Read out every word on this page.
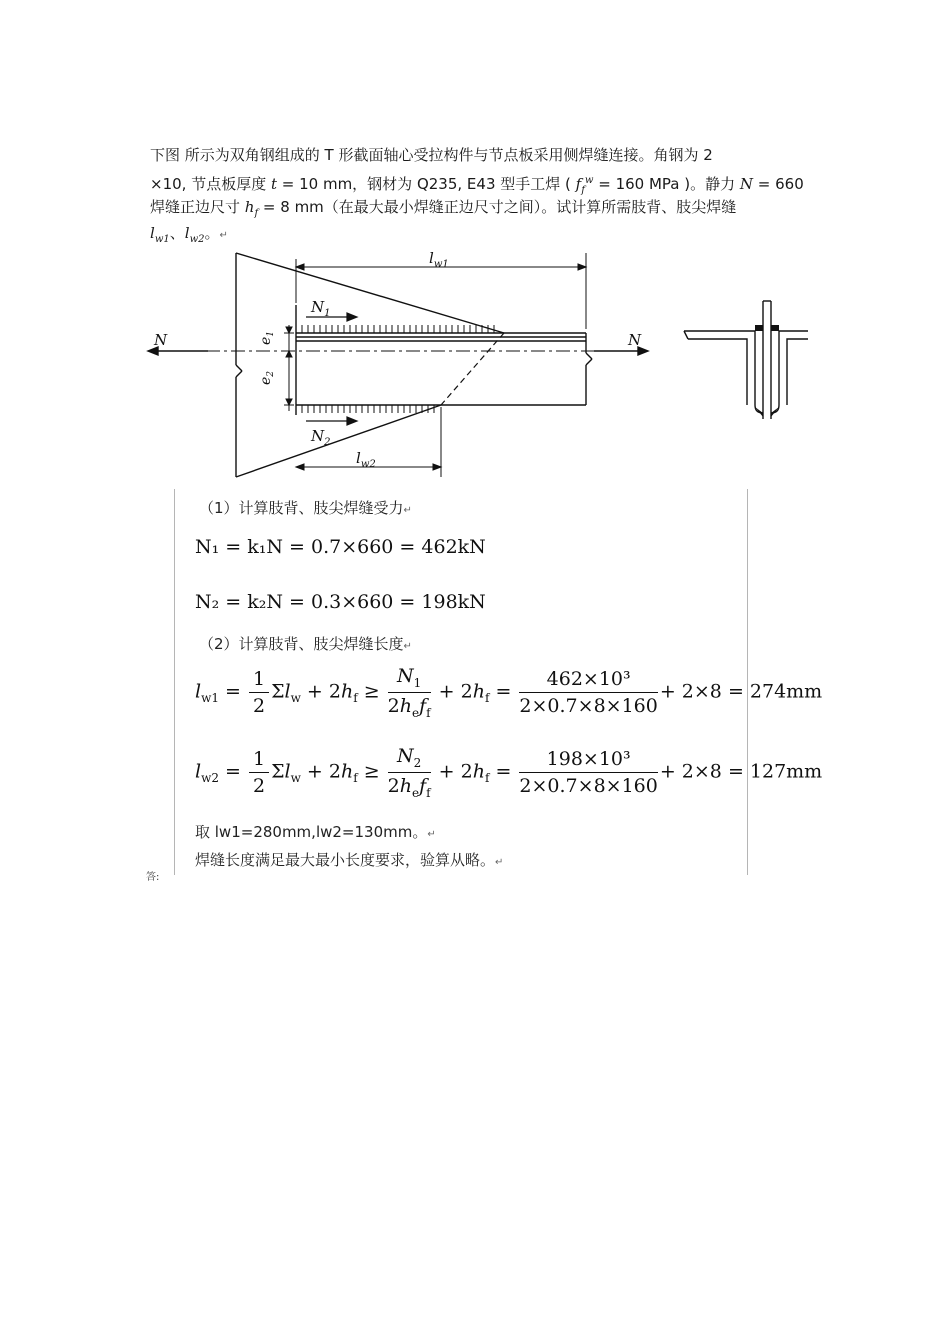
下图 所示为双角钢组成的 T 形截面轴心受拉构件与节点板采用侧焊缝连接。角钢为 2
×10, 节点板厚度 t = 10 mm，钢材为 Q235, E43 型手工焊 ( $f_f^w = 160$ MPa )。静力 N = 660
焊缝正边尺寸 $h_f = 8$ mm（在最大最小焊缝正边尺寸之间）。试计算所需肢背、肢尖焊缝
$l_{w1}$、$l_{w2}$。↵
$l_{w1}$
$l_{w2}$
$e_1$
$e_2$
$N_1$
$N_2$
N	N
（1）计算肢背、肢尖焊缝受力↵
N₁ = k₁N = 0.7×660 = 462kN
N₂ = k₂N = 0.3×660 = 198kN
（2）计算肢背、肢尖焊缝长度↵
$l_{w1} = \frac{1}{2} \Sigma l_w + 2h_f \ge \frac{N_1}{2h_ef_f} + 2h_f = \frac{\text{462×10³}}{2\times 0.7\times 8\times 160} + 2\times 8 = 274mm$
$l_{w2} = \frac{1}{2} \Sigma l_w + 2h_f \ge \frac{N_2}{2h_ef_f} + 2h_f = \frac{\text{198×10³}}{2\times 0.7\times 8\times 160} + 2\times 8 = 127mm$
取 lw1=280mm,lw2=130mm。↵
焊缝长度满足最大最小长度要求，验算从略。↵
答:
